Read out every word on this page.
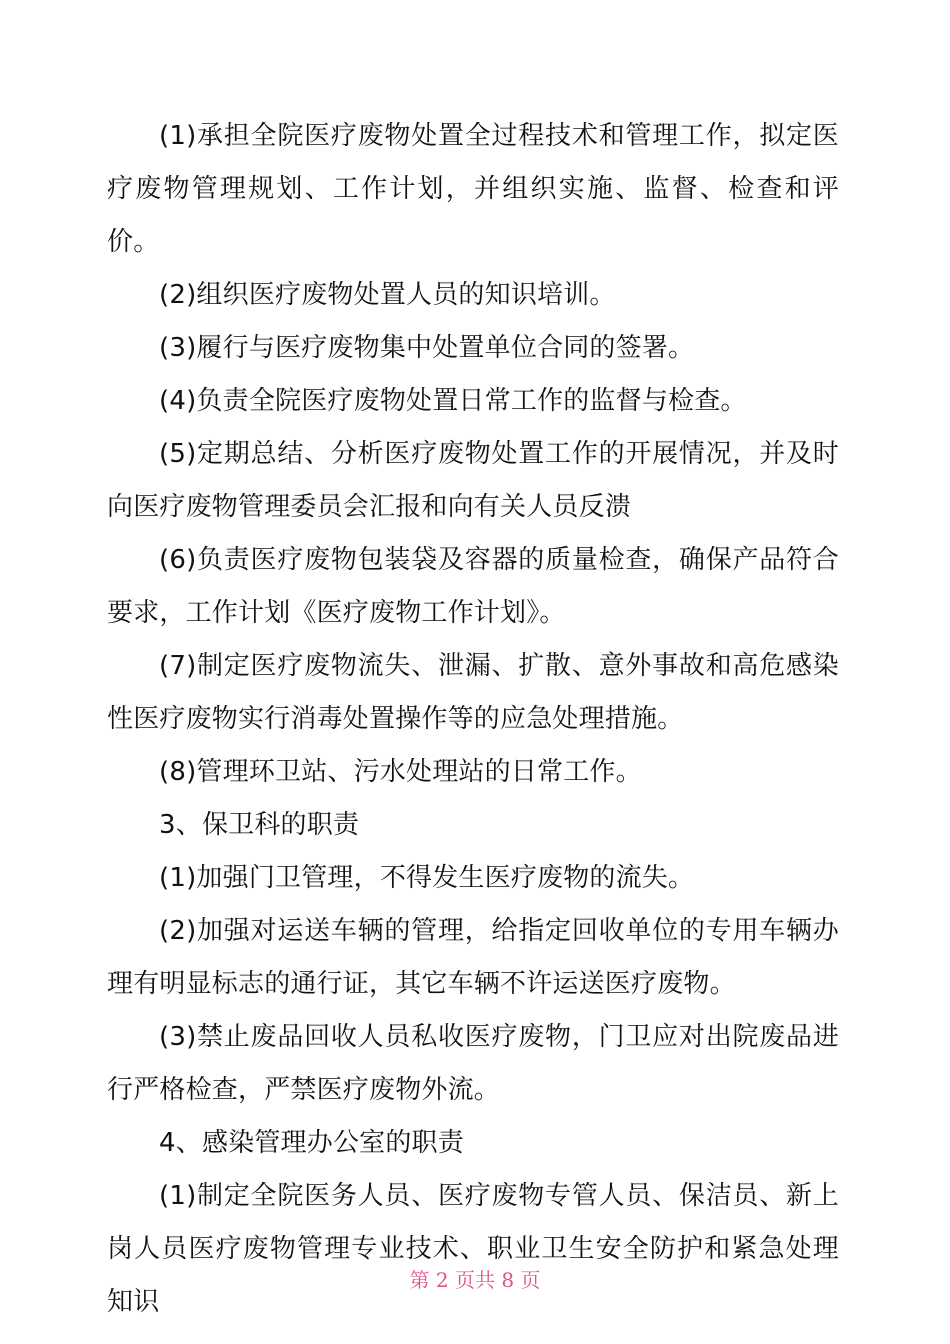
(1)承担全院医疗废物处置全过程技术和管理工作，拟定医疗废物管理规划、工作计划，并组织实施、监督、检查和评价。

(2)组织医疗废物处置人员的知识培训。

(3)履行与医疗废物集中处置单位合同的签署。

(4)负责全院医疗废物处置日常工作的监督与检查。

(5)定期总结、分析医疗废物处置工作的开展情况，并及时向医疗废物管理委员会汇报和向有关人员反溃

(6)负责医疗废物包装袋及容器的质量检查，确保产品符合要求，工作计划《医疗废物工作计划》。

(7)制定医疗废物流失、泄漏、扩散、意外事故和高危感染性医疗废物实行消毒处置操作等的应急处理措施。

(8)管理环卫站、污水处理站的日常工作。

3、保卫科的职责

(1)加强门卫管理，不得发生医疗废物的流失。

(2)加强对运送车辆的管理，给指定回收单位的专用车辆办理有明显标志的通行证，其它车辆不许运送医疗废物。

(3)禁止废品回收人员私收医疗废物，门卫应对出院废品进行严格检查，严禁医疗废物外流。

4、感染管理办公室的职责

(1)制定全院医务人员、医疗废物专管人员、保洁员、新上岗人员医疗废物管理专业技术、职业卫生安全防护和紧急处理知识

第 2 页共 8 页
